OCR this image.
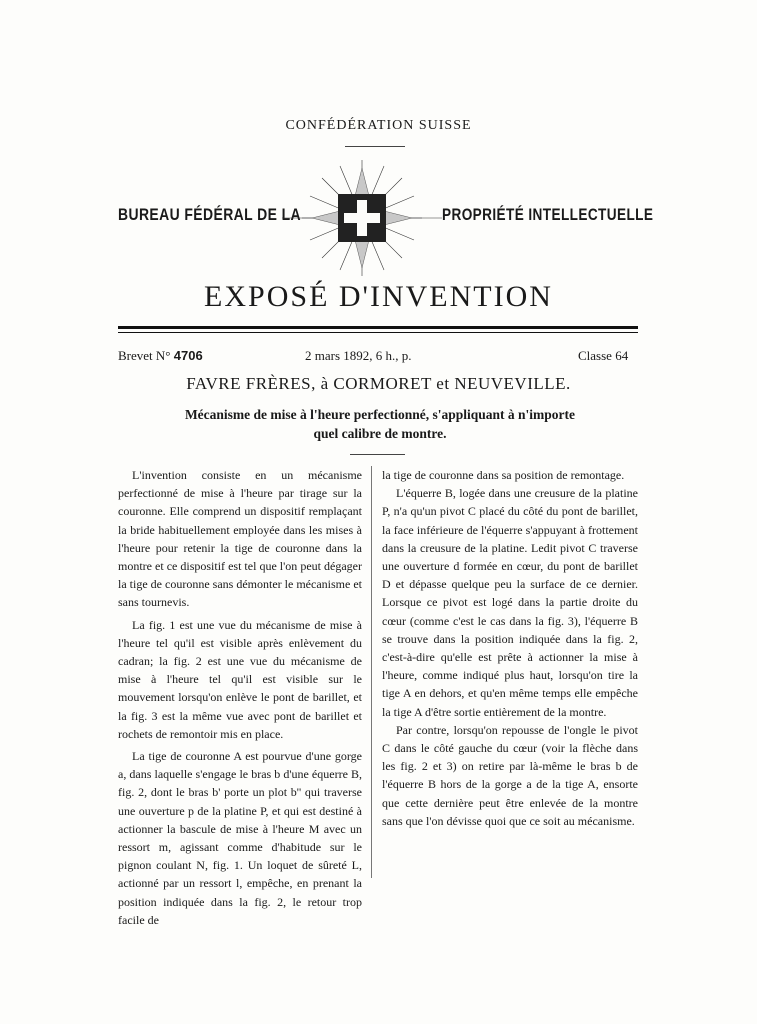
CONFÉDÉRATION SUISSE
BUREAU FÉDÉRAL DE LA	PROPRIÉTÉ INTELLECTUELLE
EXPOSÉ D'INVENTION
Brevet N° 4706	2 mars 1892, 6 h., p.	Classe 64
FAVRE FRÈRES, à CORMORET et NEUVEVILLE.
Mécanisme de mise à l'heure perfectionné, s'appliquant à n'importe
quel calibre de montre.

L'invention consiste en un mécanisme perfectionné de mise à l'heure par tirage sur la couronne. Elle comprend un dispositif remplaçant la bride habituellement employée dans les mises à l'heure pour retenir la tige de couronne dans la montre et ce dispositif est tel que l'on peut dégager la tige de couronne sans démonter le mécanisme et sans tournevis.

La fig. 1 est une vue du mécanisme de mise à l'heure tel qu'il est visible après enlèvement du cadran; la fig. 2 est une vue du mécanisme de mise à l'heure tel qu'il est visible sur le mouvement lorsqu'on enlève le pont de barillet, et la fig. 3 est la même vue avec pont de barillet et rochets de remontoir mis en place.

La tige de couronne A est pourvue d'une gorge a, dans laquelle s'engage le bras b d'une équerre B, fig. 2, dont le bras b' porte un plot b'' qui traverse une ouverture p de la platine P, et qui est destiné à actionner la bascule de mise à l'heure M avec un ressort m, agissant comme d'habitude sur le pignon coulant N, fig. 1. Un loquet de sûreté L, actionné par un ressort l, empêche, en prenant la position indiquée dans la fig. 2, le retour trop facile de

la tige de couronne dans sa position de remontage.

L'équerre B, logée dans une creusure de la platine P, n'a qu'un pivot C placé du côté du pont de barillet, la face inférieure de l'équerre s'appuyant à frottement dans la creusure de la platine. Ledit pivot C traverse une ouverture d formée en cœur, du pont de barillet D et dépasse quelque peu la surface de ce dernier. Lorsque ce pivot est logé dans la partie droite du cœur (comme c'est le cas dans la fig. 3), l'équerre B se trouve dans la position indiquée dans la fig. 2, c'est-à-dire qu'elle est prête à actionner la mise à l'heure, comme indiqué plus haut, lorsqu'on tire la tige A en dehors, et qu'en même temps elle empêche la tige A d'être sortie entièrement de la montre.

Par contre, lorsqu'on repousse de l'ongle le pivot C dans le côté gauche du cœur (voir la flèche dans les fig. 2 et 3) on retire par là-même le bras b de l'équerre B hors de la gorge a de la tige A, ensorte que cette dernière peut être enlevée de la montre sans que l'on dévisse quoi que ce soit au mécanisme.
